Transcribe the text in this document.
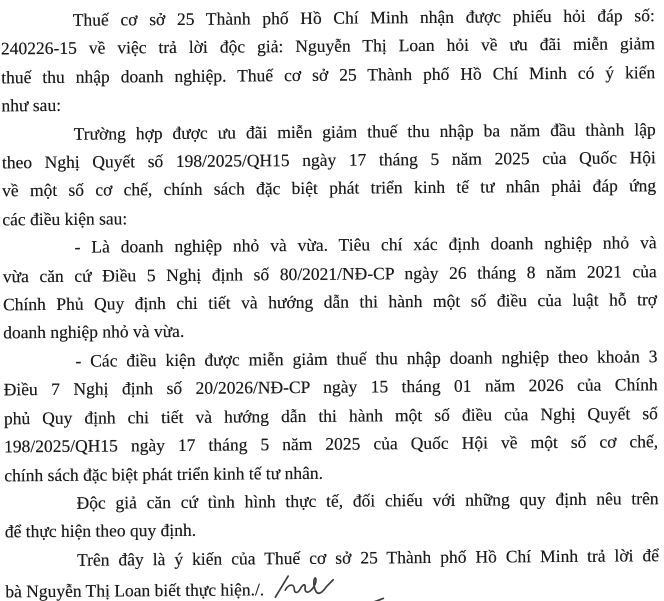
Thuế cơ sở 25 Thành phố Hồ Chí Minh nhận được phiếu hỏi đáp số:
240226-15 về việc trả lời độc giả: Nguyễn Thị Loan hỏi về ưu đãi miễn giảm
thuế thu nhập doanh nghiệp. Thuế cơ sở 25 Thành phố Hồ Chí Minh có ý kiến
như sau:
Trường hợp được ưu đãi miễn giảm thuế thu nhập ba năm đầu thành lập
theo Nghị Quyết số 198/2025/QH15 ngày 17 tháng 5 năm 2025 của Quốc Hội
về một số cơ chế, chính sách đặc biệt phát triển kinh tế tư nhân phải đáp ứng
các điều kiện sau:
- Là doanh nghiệp nhỏ và vừa. Tiêu chí xác định doanh nghiệp nhỏ và
vừa căn cứ Điều 5 Nghị định số 80/2021/NĐ-CP ngày 26 tháng 8 năm 2021 của
Chính Phủ Quy định chi tiết và hướng dẫn thi hành một số điều của luật hỗ trợ
doanh nghiệp nhỏ và vừa.
- Các điều kiện được miễn giảm thuế thu nhập doanh nghiệp theo khoản 3
Điều 7 Nghị định số 20/2026/NĐ-CP ngày 15 tháng 01 năm 2026 của Chính
phủ Quy định chi tiết và hướng dẫn thi hành một số điều của Nghị Quyết số
198/2025/QH15 ngày 17 tháng 5 năm 2025 của Quốc Hội về một số cơ chế,
chính sách đặc biệt phát triển kinh tế tư nhân.
Độc giả căn cứ tình hình thực tế, đối chiếu với những quy định nêu trên
để thực hiện theo quy định.
Trên đây là ý kiến của Thuế cơ sở 25 Thành phố Hồ Chí Minh trả lời để
bà Nguyễn Thị Loan biết thực hiện./.
